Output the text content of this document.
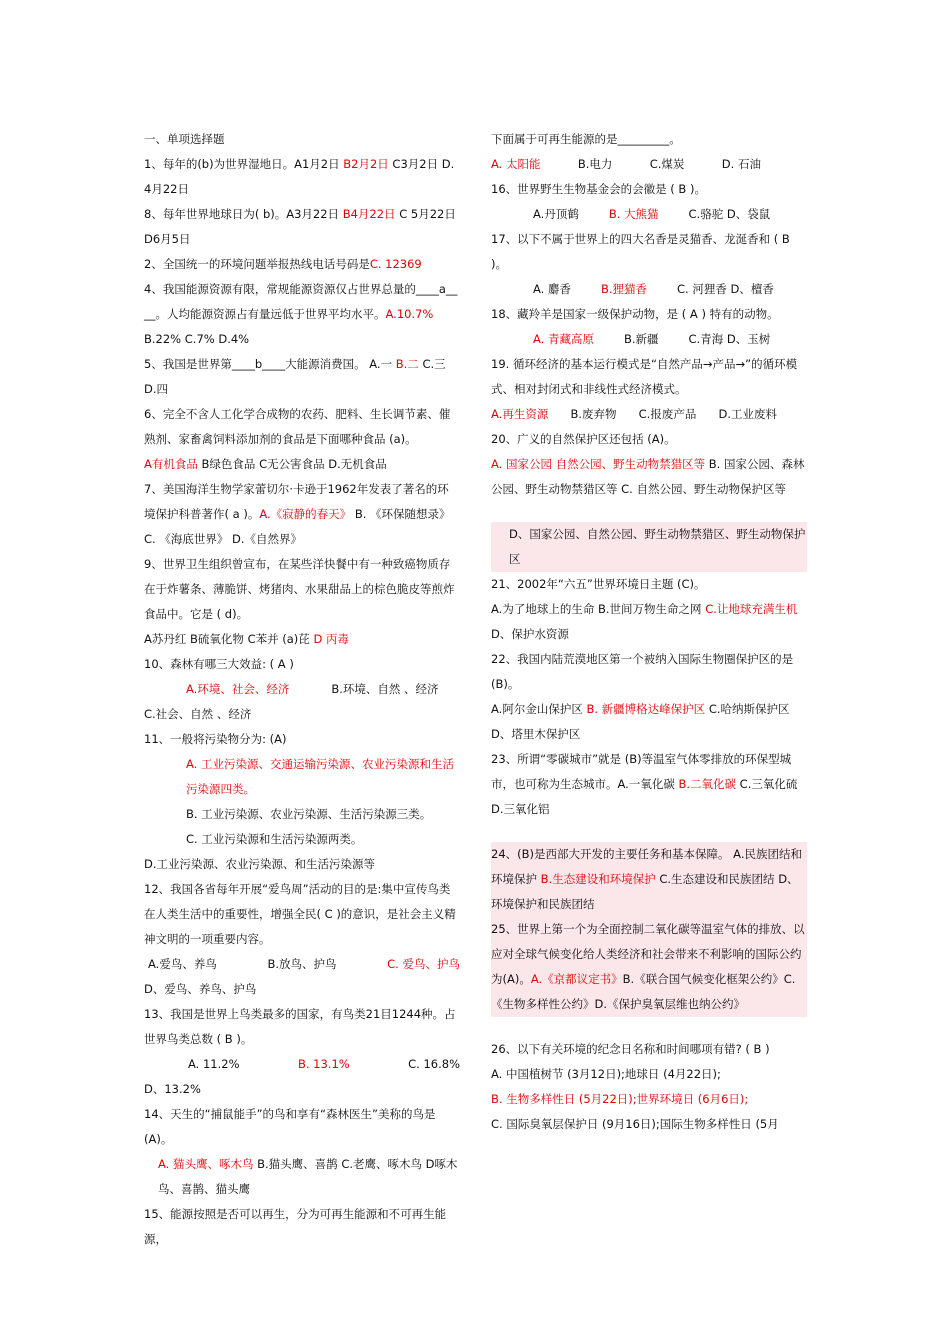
一、单项选择题

1、每年的(b)为世界湿地日。A1月2日 B2月2日 C3月2日 D.4月22日

8、每年世界地球日为( b)。A3月22日 B4月22日 C 5月22日 D6月5日

2、全国统一的环境问题举报热线电话号码是C. 12369

4、我国能源资源有限，常规能源资源仅占世界总量的____a____。人均能源资源占有量远低于世界平均水平。A.10.7%

B.22% C.7% D.4%

5、我国是世界第____b____大能源消费国。 A.一 B.二 C.三 D.四

6、完全不含人工化学合成物的农药、肥料、生长调节素、催熟剂、家畜禽饲料添加剂的食品是下面哪种食品 (a)。

A有机食品 B绿色食品 C无公害食品 D.无机食品

7、美国海洋生物学家蕾切尔·卡逊于1962年发表了著名的环境保护科普著作( a )。A.《寂静的春天》 B. 《环保随想录》 C. 《海底世界》 D.《自然界》

9、世界卫生组织曾宣布，在某些洋快餐中有一种致癌物质存在于炸薯条、薄脆饼、烤猪肉、水果甜品上的棕色脆皮等煎炸食品中。它是 ( d)。

A苏丹红 B硫氧化物 C苯并 (a)芘 D 丙毒

10、森林有哪三大效益: ( A )

A.环境、社会、经济	B.环境、自然 、经济

C.社会、自然 、经济

11、一般将污染物分为: (A)

A. 工业污染源、交通运输污染源、农业污染源和生活污染源四类。

B. 工业污染源、农业污染源、生活污染源三类。

C. 工业污染源和生活污染源两类。

D.工业污染源、农业污染源、和生活污染源等

12、我国各省每年开展“爱鸟周”活动的目的是:集中宣传鸟类在人类生活中的重要性，增强全民( C )的意识，是社会主义精神文明的一项重要内容。

A.爱鸟、养鸟	B.放鸟、护鸟	C. 爱鸟、护鸟

D、爱鸟、养鸟、护鸟

13、我国是世界上鸟类最多的国家，有鸟类21目1244种。占世界鸟类总数 ( B )。

A. 11.2%	B. 13.1%	C. 16.8%

D、13.2%

14、天生的“捕鼠能手”的鸟和享有“森林医生”美称的鸟是 (A)。

A. 猫头鹰、啄木鸟 B.猫头鹰、喜鹊 C.老鹰、啄木鸟 D啄木鸟、喜鹊、猫头鹰

15、能源按照是否可以再生，分为可再生能源和不可再生能源，

下面属于可再生能源的是_________。

A. 太阳能	B.电力	C.煤炭	D. 石油

16、世界野生生物基金会的会徽是 ( B )。

A.丹顶鹤	B. 大熊猫	C.骆驼 D、袋鼠

17、以下不属于世界上的四大名香是灵猫香、龙涎香和 ( B )。

A. 麝香	B.狸猫香	C. 河狸香 D、檀香

18、藏羚羊是国家一级保护动物，是 ( A ) 特有的动物。

A. 青藏高原	B.新疆	C.青海 D、玉树

19. 循环经济的基本运行模式是“自然产品→产品→”的循环模式、相对封闭式和非线性式经济模式。

A.再生资源 B.废弃物 C.报废产品 D.工业废料

20、广义的自然保护区还包括 (A)。

A. 国家公园 自然公园、野生动物禁猎区等 B. 国家公园、森林公园、野生动物禁猎区等 C. 自然公园、野生动物保护区等

D、国家公园、自然公园、野生动物禁猎区、野生动物保护区

21、2002年“六五”世界环境日主题 (C)。

A.为了地球上的生命 B.世间万物生命之网 C.让地球充满生机 D、保护水资源

22、我国内陆荒漠地区第一个被纳入国际生物圈保护区的是(B)。

A.阿尔金山保护区 B. 新疆博格达峰保护区 C.哈纳斯保护区 D、塔里木保护区

23、所谓“零碳城市”就是 (B)等温室气体零排放的环保型城市，也可称为生态城市。A.一氧化碳 B.二氧化碳 C.三氧化硫 D.三氧化铝

24、(B)是西部大开发的主要任务和基本保障。 A.民族团结和环境保护 B.生态建设和环境保护 C.生态建设和民族团结 D、环境保护和民族团结

25、世界上第一个为全面控制二氧化碳等温室气体的排放、以应对全球气候变化给人类经济和社会带来不利影响的国际公约为(A)。A.《京都议定书》B.《联合国气候变化框架公约》C.《生物多样性公约》D.《保护臭氧层维也纳公约》

26、以下有关环境的纪念日名称和时间哪项有错? ( B )

A. 中国植树节 (3月12日);地球日 (4月22日);

B. 生物多样性日 (5月22日);世界环境日 (6月6日);

C. 国际臭氧层保护日 (9月16日);国际生物多样性日 (5月
